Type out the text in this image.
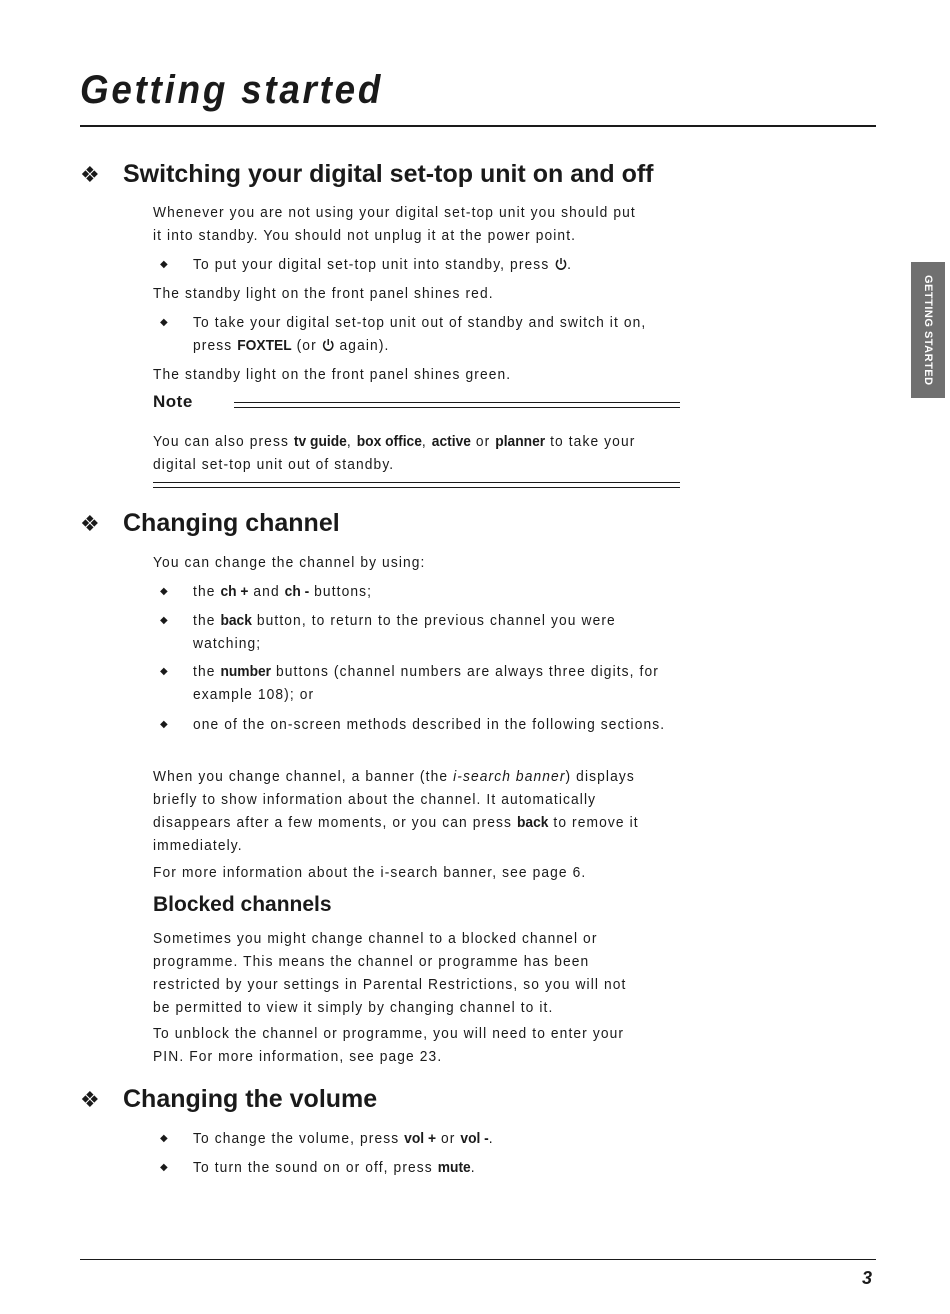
Getting started
GETTING STARTED
❖ Switching your digital set-top unit on and off

Whenever you are not using your digital set-top unit you should put it into standby. You should not unplug it at the power point.

◆	To put your digital set-top unit into standby, press .

The standby light on the front panel shines red.

◆	To take your digital set-top unit out of standby and switch it on, press FOXTEL (or  again).

The standby light on the front panel shines green.

Note

You can also press tv guide, box office, active or planner to take your digital set-top unit out of standby.

❖ Changing channel

You can change the channel by using:

◆	the ch + and ch - buttons;
◆	the back button, to return to the previous channel you were watching;
◆	the number buttons (channel numbers are always three digits, for example 108); or
◆	one of the on-screen methods described in the following sections.

When you change channel, a banner (the i-search banner) displays briefly to show information about the channel. It automatically disappears after a few moments, or you can press back to remove it immediately.

For more information about the i-search banner, see page 6.

Blocked channels

Sometimes you might change channel to a blocked channel or programme. This means the channel or programme has been restricted by your settings in Parental Restrictions, so you will not be permitted to view it simply by changing channel to it.

To unblock the channel or programme, you will need to enter your PIN. For more information, see page 23.

❖ Changing the volume
◆	To change the volume, press vol + or vol -.
◆	To turn the sound on or off, press mute.
3
